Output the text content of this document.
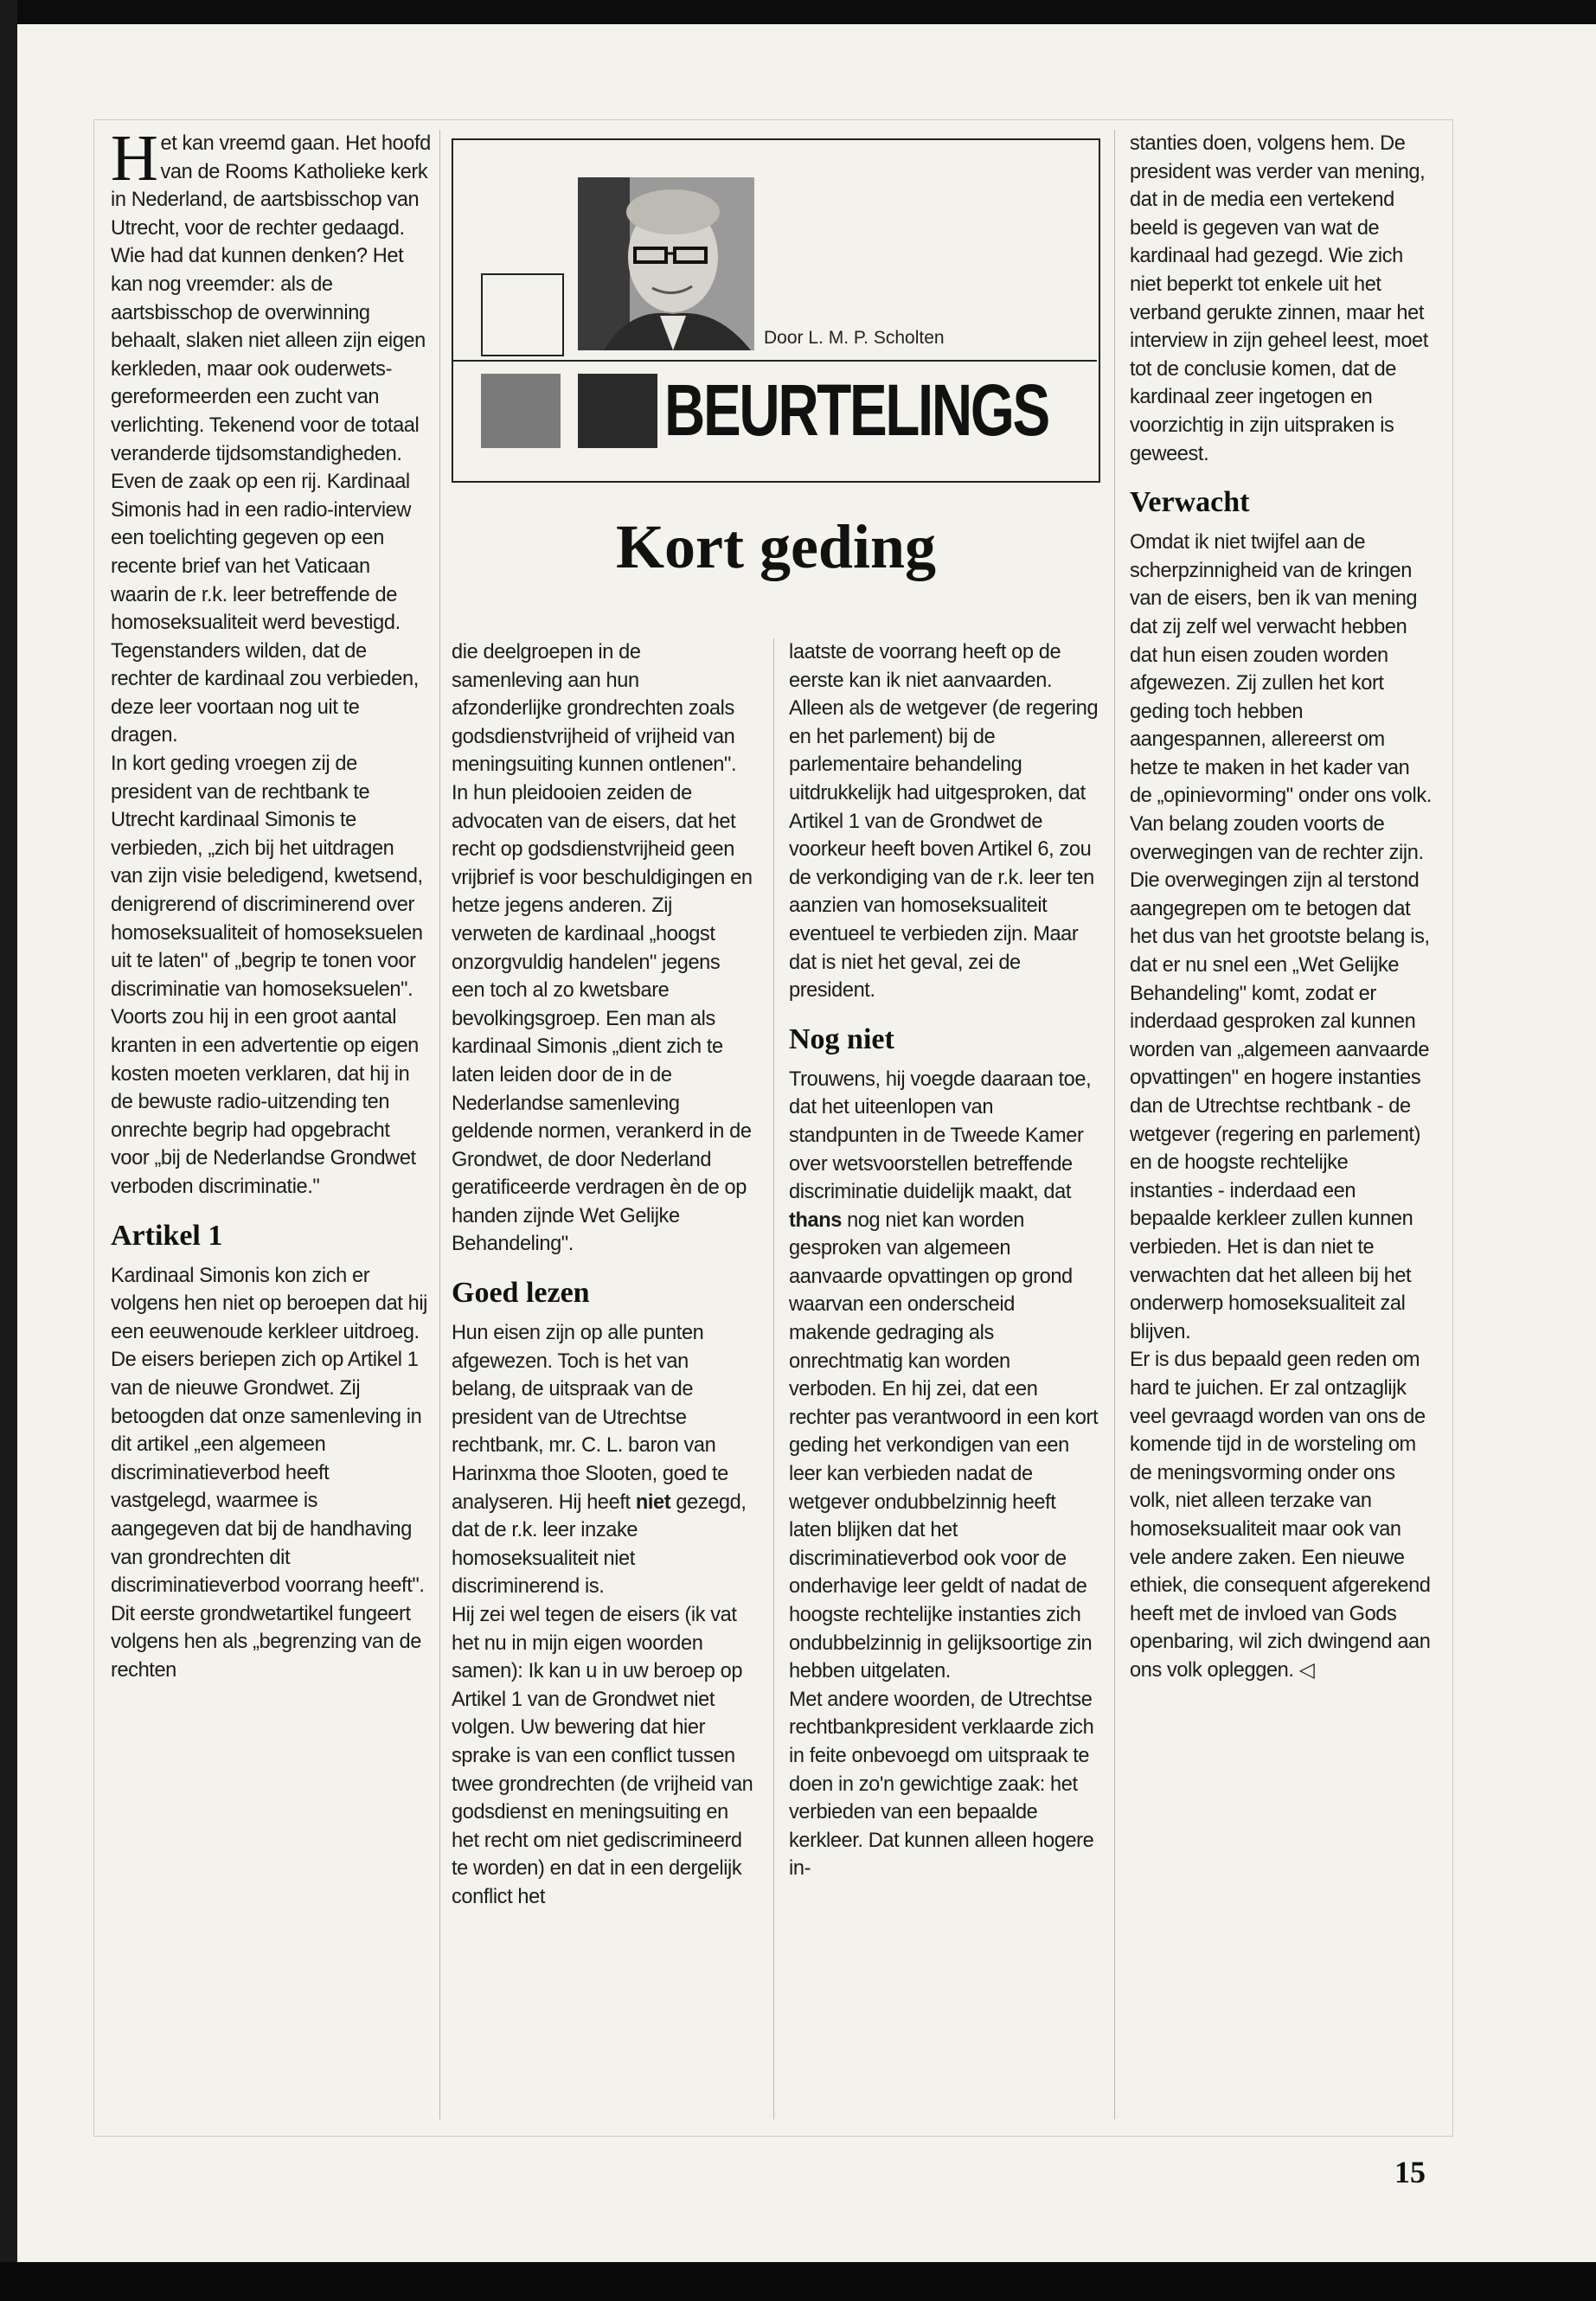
Door L. M. P. Scholten
BEURTELINGS
Kort geding
H et kan vreemd gaan. Het hoofd van de Rooms Katholieke kerk in Nederland, de aartsbisschop van Utrecht, voor de rechter gedaagd. Wie had dat kunnen denken? Het kan nog vreemder: als de aartsbisschop de overwinning behaalt, slaken niet alleen zijn eigen kerkleden, maar ook ouderwets-gereformeerden een zucht van verlichting. Tekenend voor de totaal veranderde tijdsomstandigheden.

Even de zaak op een rij. Kardinaal Simonis had in een radio-interview een toelichting gegeven op een recente brief van het Vaticaan waarin de r.k. leer betreffende de homoseksualiteit werd bevestigd. Tegenstanders wilden, dat de rechter de kardinaal zou verbieden, deze leer voortaan nog uit te dragen.

In kort geding vroegen zij de president van de rechtbank te Utrecht kardinaal Simonis te verbieden, „zich bij het uitdragen van zijn visie beledigend, kwetsend, denigrerend of discriminerend over homoseksualiteit of homoseksuelen uit te laten" of „begrip te tonen voor discriminatie van homoseksuelen". Voorts zou hij in een groot aantal kranten in een advertentie op eigen kosten moeten verklaren, dat hij in de bewuste radio-uitzending ten onrechte begrip had opgebracht voor „bij de Nederlandse Grondwet verboden discriminatie."

Artikel 1

Kardinaal Simonis kon zich er volgens hen niet op beroepen dat hij een eeuwenoude kerkleer uitdroeg.

De eisers beriepen zich op Artikel 1 van de nieuwe Grondwet. Zij betoogden dat onze samenleving in dit artikel „een algemeen discriminatieverbod heeft vastgelegd, waarmee is aangegeven dat bij de handhaving van grondrechten dit discriminatieverbod voorrang heeft".

Dit eerste grondwetartikel fungeert volgens hen als „begrenzing van de rechten

die deelgroepen in de samenleving aan hun afzonderlijke grondrechten zoals godsdienstvrijheid of vrijheid van meningsuiting kunnen ontlenen".

In hun pleidooien zeiden de advocaten van de eisers, dat het recht op godsdienstvrijheid geen vrijbrief is voor beschuldigingen en hetze jegens anderen. Zij verweten de kardinaal „hoogst onzorgvuldig handelen" jegens een toch al zo kwetsbare bevolkingsgroep. Een man als kardinaal Simonis „dient zich te laten leiden door de in de Nederlandse samenleving geldende normen, verankerd in de Grondwet, de door Nederland geratificeerde verdragen èn de op handen zijnde Wet Gelijke Behandeling".

Goed lezen

Hun eisen zijn op alle punten afgewezen. Toch is het van belang, de uitspraak van de president van de Utrechtse rechtbank, mr. C. L. baron van Harinxma thoe Slooten, goed te analyseren. Hij heeft niet gezegd, dat de r.k. leer inzake homoseksualiteit niet discriminerend is.

Hij zei wel tegen de eisers (ik vat het nu in mijn eigen woorden samen): Ik kan u in uw beroep op Artikel 1 van de Grondwet niet volgen. Uw bewering dat hier sprake is van een conflict tussen twee grondrechten (de vrijheid van godsdienst en meningsuiting en het recht om niet gediscrimineerd te worden) en dat in een dergelijk conflict het

laatste de voorrang heeft op de eerste kan ik niet aanvaarden.

Alleen als de wetgever (de regering en het parlement) bij de parlementaire behandeling uitdrukkelijk had uitgesproken, dat Artikel 1 van de Grondwet de voorkeur heeft boven Artikel 6, zou de verkondiging van de r.k. leer ten aanzien van homoseksualiteit eventueel te verbieden zijn. Maar dat is niet het geval, zei de president.

Nog niet

Trouwens, hij voegde daaraan toe, dat het uiteenlopen van standpunten in de Tweede Kamer over wetsvoorstellen betreffende discriminatie duidelijk maakt, dat thans nog niet kan worden gesproken van algemeen aanvaarde opvattingen op grond waarvan een onderscheid makende gedraging als onrechtmatig kan worden verboden. En hij zei, dat een rechter pas verantwoord in een kort geding het verkondigen van een leer kan verbieden nadat de wetgever ondubbelzinnig heeft laten blijken dat het discriminatieverbod ook voor de onderhavige leer geldt of nadat de hoogste rechtelijke instanties zich ondubbelzinnig in gelijksoortige zin hebben uitgelaten.

Met andere woorden, de Utrechtse rechtbankpresident verklaarde zich in feite onbevoegd om uitspraak te doen in zo'n gewichtige zaak: het verbieden van een bepaalde kerkleer. Dat kunnen alleen hogere in-

stanties doen, volgens hem. De president was verder van mening, dat in de media een vertekend beeld is gegeven van wat de kardinaal had gezegd. Wie zich niet beperkt tot enkele uit het verband gerukte zinnen, maar het interview in zijn geheel leest, moet tot de conclusie komen, dat de kardinaal zeer ingetogen en voorzichtig in zijn uitspraken is geweest.

Verwacht

Omdat ik niet twijfel aan de scherpzinnigheid van de kringen van de eisers, ben ik van mening dat zij zelf wel verwacht hebben dat hun eisen zouden worden afgewezen. Zij zullen het kort geding toch hebben aangespannen, allereerst om hetze te maken in het kader van de „opinievorming" onder ons volk. Van belang zouden voorts de overwegingen van de rechter zijn. Die overwegingen zijn al terstond aangegrepen om te betogen dat het dus van het grootste belang is, dat er nu snel een „Wet Gelijke Behandeling" komt, zodat er inderdaad gesproken zal kunnen worden van „algemeen aanvaarde opvattingen" en hogere instanties dan de Utrechtse rechtbank - de wetgever (regering en parlement) en de hoogste rechtelijke instanties - inderdaad een bepaalde kerkleer zullen kunnen verbieden. Het is dan niet te verwachten dat het alleen bij het onderwerp homoseksualiteit zal blijven.

Er is dus bepaald geen reden om hard te juichen. Er zal ontzaglijk veel gevraagd worden van ons de komende tijd in de worsteling om de meningsvorming onder ons volk, niet alleen terzake van homoseksualiteit maar ook van vele andere zaken. Een nieuwe ethiek, die consequent afgerekend heeft met de invloed van Gods openbaring, wil zich dwingend aan ons volk opleggen. ◁

15
